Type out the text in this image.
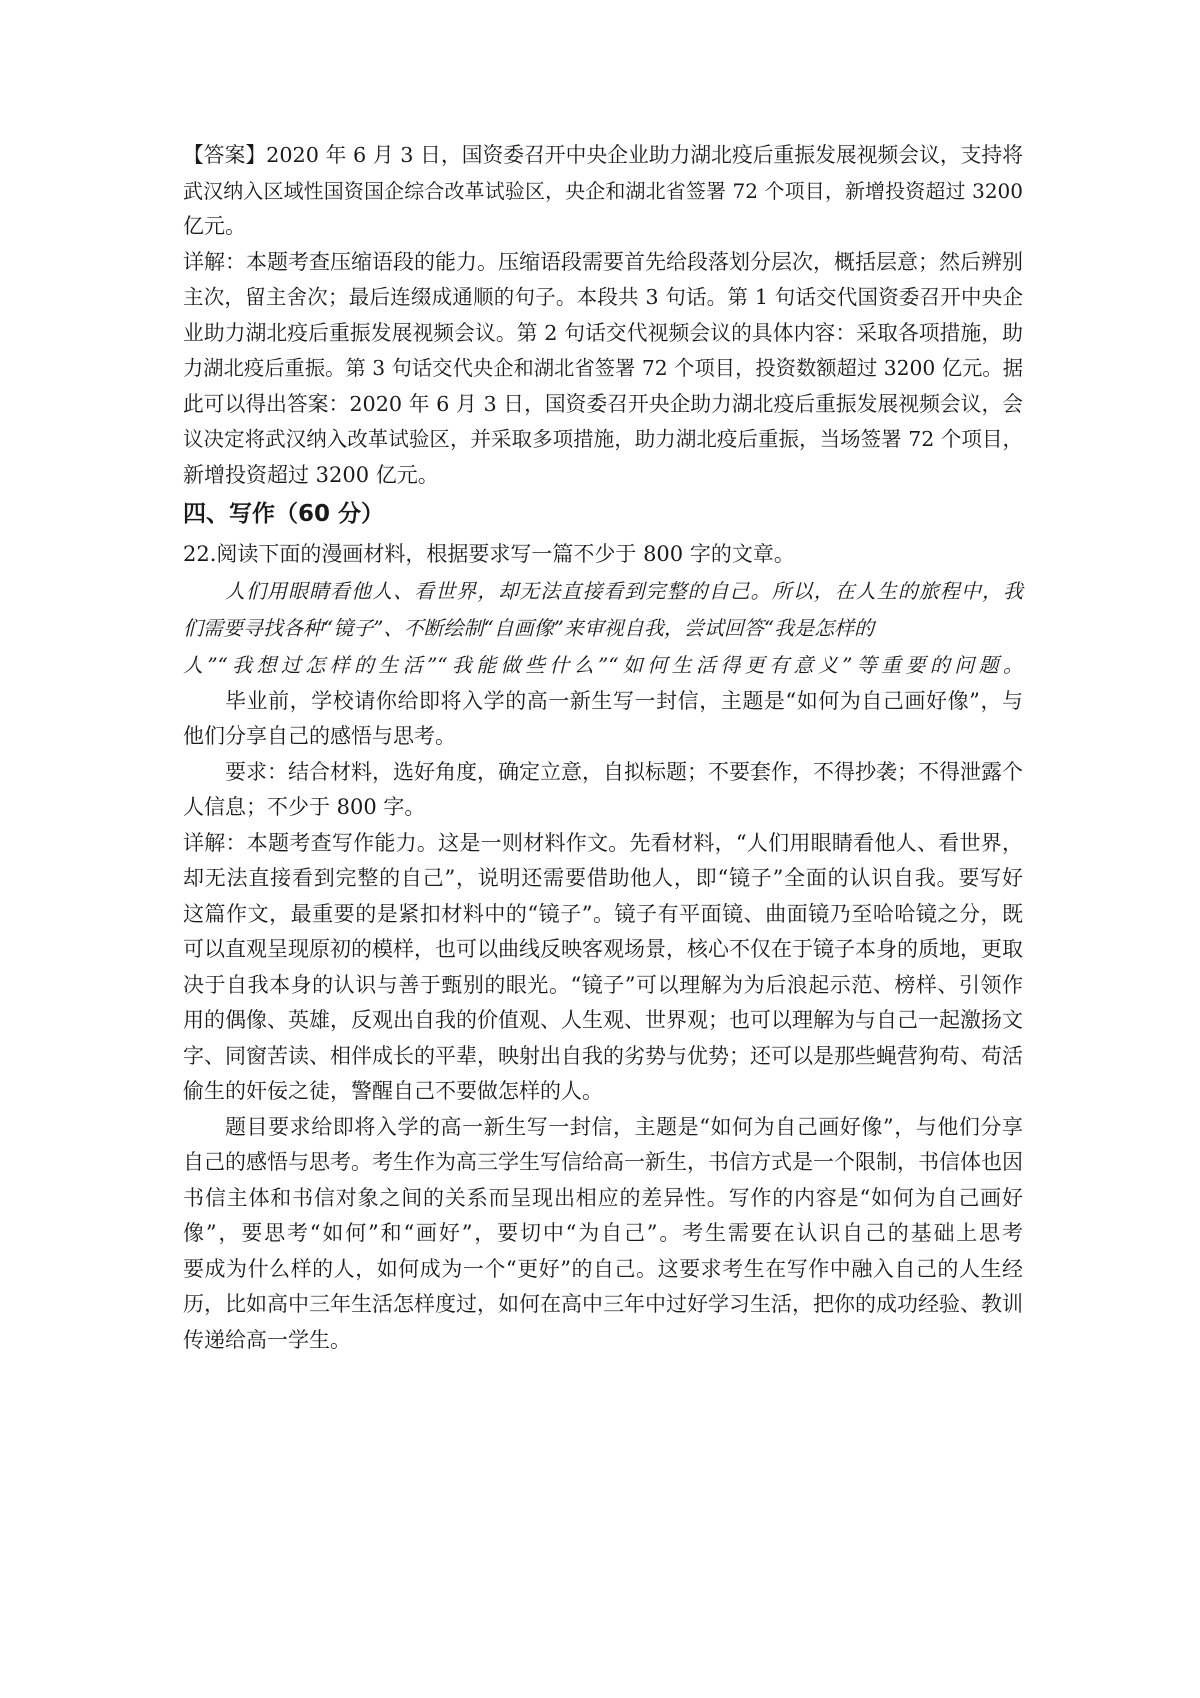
【答案】2020 年 6 月 3 日，国资委召开中央企业助力湖北疫后重振发展视频会议，支持将

武汉纳入区域性国资国企综合改革试验区，央企和湖北省签署 72 个项目，新增投资超过 3200

亿元。

详解：本题考查压缩语段的能力。压缩语段需要首先给段落划分层次，概括层意；然后辨别

主次，留主舍次；最后连缀成通顺的句子。本段共 3 句话。第 1 句话交代国资委召开中央企

业助力湖北疫后重振发展视频会议。第 2 句话交代视频会议的具体内容：采取各项措施，助

力湖北疫后重振。第 3 句话交代央企和湖北省签署 72 个项目，投资数额超过 3200 亿元。据

此可以得出答案：2020 年 6 月 3 日，国资委召开央企助力湖北疫后重振发展视频会议，会

议决定将武汉纳入改革试验区，并采取多项措施，助力湖北疫后重振，当场签署 72 个项目，

新增投资超过 3200 亿元。

四、写作（60 分）

22.阅读下面的漫画材料，根据要求写一篇不少于 800 字的文章。

人们用眼睛看他人、看世界，却无法直接看到完整的自己。所以，在人生的旅程中，我

们需要寻找各种“镜子”、不断绘制“自画像”来审视自我，尝试回答“我是怎样的

人”“我想过怎样的生活”“我能做些什么”“如何生活得更有意义”等重要的问题。

毕业前，学校请你给即将入学的高一新生写一封信，主题是“如何为自己画好像”，与

他们分享自己的感悟与思考。

要求：结合材料，选好角度，确定立意，自拟标题；不要套作，不得抄袭；不得泄露个

人信息；不少于 800 字。

详解：本题考查写作能力。这是一则材料作文。先看材料，“人们用眼睛看他人、看世界，

却无法直接看到完整的自己”，说明还需要借助他人，即“镜子”全面的认识自我。要写好

这篇作文，最重要的是紧扣材料中的“镜子”。镜子有平面镜、曲面镜乃至哈哈镜之分，既

可以直观呈现原初的模样，也可以曲线反映客观场景，核心不仅在于镜子本身的质地，更取

决于自我本身的认识与善于甄别的眼光。“镜子”可以理解为为后浪起示范、榜样、引领作

用的偶像、英雄，反观出自我的价值观、人生观、世界观；也可以理解为与自己一起激扬文

字、同窗苦读、相伴成长的平辈，映射出自我的劣势与优势；还可以是那些蝇营狗苟、苟活

偷生的奸佞之徒，警醒自己不要做怎样的人。

题目要求给即将入学的高一新生写一封信，主题是“如何为自己画好像”，与他们分享

自己的感悟与思考。考生作为高三学生写信给高一新生，书信方式是一个限制，书信体也因

书信主体和书信对象之间的关系而呈现出相应的差异性。写作的内容是“如何为自己画好

像”，要思考“如何”和“画好”，要切中“为自己”。考生需要在认识自己的基础上思考

要成为什么样的人，如何成为一个“更好”的自己。这要求考生在写作中融入自己的人生经

历，比如高中三年生活怎样度过，如何在高中三年中过好学习生活，把你的成功经验、教训

传递给高一学生。
